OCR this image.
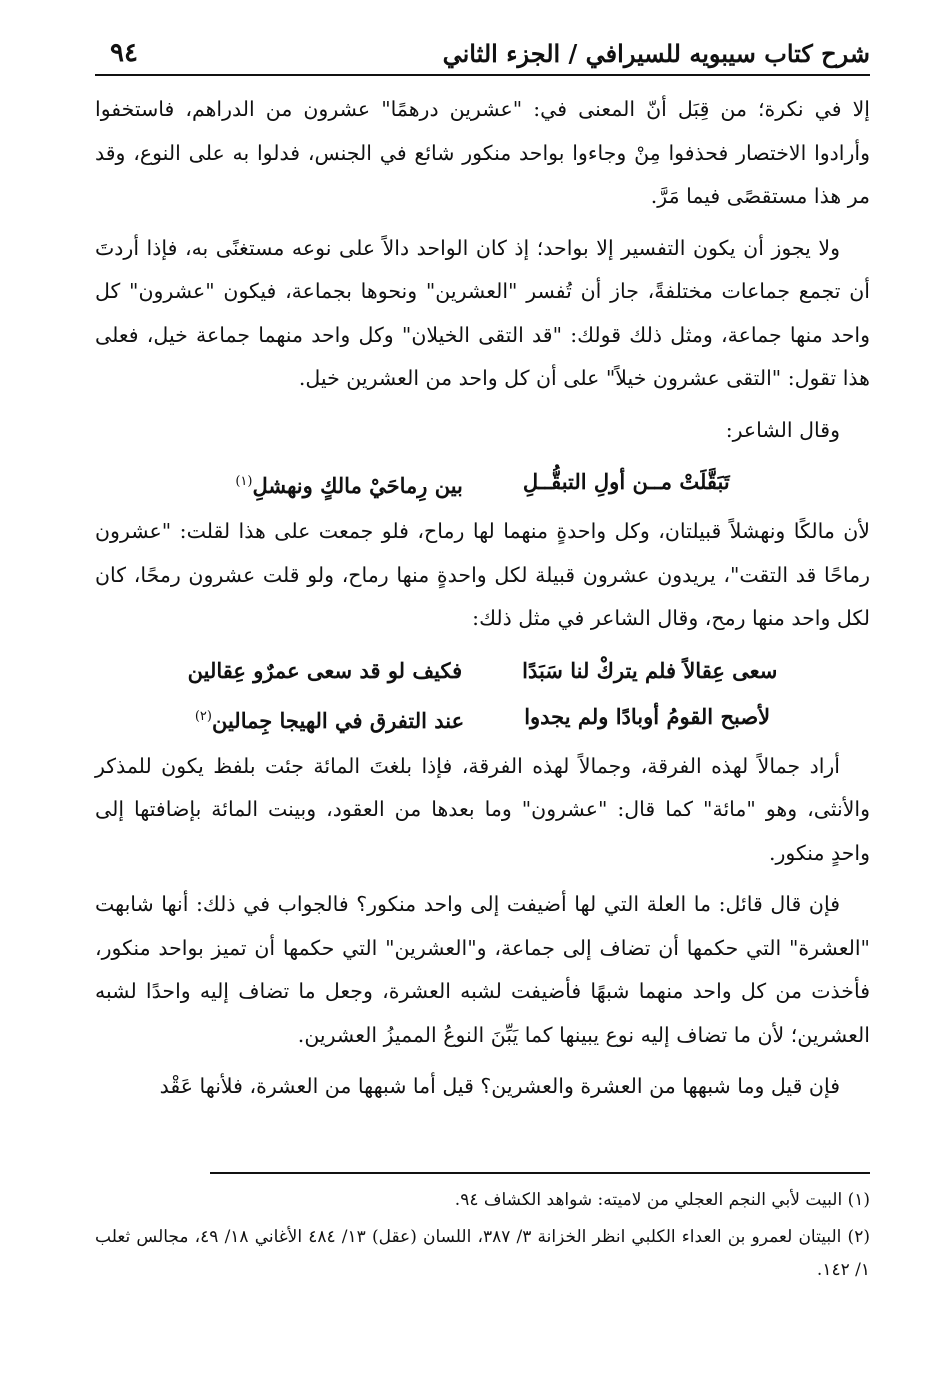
شرح كتاب سيبويه للسيرافي / الجزء الثاني
٩٤

إلا في نكرة؛ من قِبَل أنّ المعنى في: "عشرين درهمًا" عشرون من الدراهم، فاستخفوا وأرادوا الاختصار فحذفوا مِنْ وجاءوا بواحد منكور شائع في الجنس، فدلوا به على النوع، وقد مر هذا مستقصًى فيما مَرَّ.

ولا يجوز أن يكون التفسير إلا بواحد؛ إذ كان الواحد دالاً على نوعه مستغنًى به، فإذا أردتَ أن تجمع جماعات مختلفةً، جاز أن تُفسر "العشرين" ونحوها بجماعة، فيكون "عشرون" كل واحد منها جماعة، ومثل ذلك قولك: "قد التقى الخيلان" وكل واحد منهما جماعة خيل، فعلى هذا تقول: "التقى عشرون خيلاً" على أن كل واحد من العشرين خيل.

وقال الشاعر:

تَبَقَّلَتْ مــن أولِ التبقُّــلِ
بين رِماحَيْ مالكٍ ونهشلِ$^{(١)}$

لأن مالكًا ونهشلاً قبيلتان، وكل واحدةٍ منهما لها رماح، فلو جمعت على هذا لقلت: "عشرون رماحًا قد التقت"، يريدون عشرون قبيلة لكل واحدةٍ منها رماح، ولو قلت عشرون رمحًا، كان لكل واحد منها رمح، وقال الشاعر في مثل ذلك:

سعى عِقالاً فلم يتركْ لنا سَبَدًا
فكيف لو قد سعى عمرٌو عِقالين
لأصبح القومُ أوبادًا ولم يجدوا
عند التفرق في الهيجا جِمالين$^{(٢)}$

أراد جمالاً لهذه الفرقة، وجمالاً لهذه الفرقة، فإذا بلغتَ المائة جئت بلفظ يكون للمذكر والأنثى، وهو "مائة" كما قال: "عشرون" وما بعدها من العقود، وبينت المائة بإضافتها إلى واحدٍ منكور.

فإن قال قائل: ما العلة التي لها أضيفت إلى واحد منكور؟ فالجواب في ذلك: أنها شابهت "العشرة" التي حكمها أن تضاف إلى جماعة، و"العشرين" التي حكمها أن تميز بواحد منكور، فأخذت من كل واحد منهما شبهًا فأضيفت لشبه العشرة، وجعل ما تضاف إليه واحدًا لشبه العشرين؛ لأن ما تضاف إليه نوع يبينها كما يَبِّنَ النوعُ المميزُ العشرين.

فإن قيل وما شبهها من العشرة والعشرين؟ قيل أما شبهها من العشرة، فلأنها عَقْد

(١) البيت لأبي النجم العجلي من لاميته: شواهد الكشاف ٩٤.

(٢) البيتان لعمرو بن العداء الكلبي انظر الخزانة ٣/ ٣٨٧، اللسان (عقل) ١٣/ ٤٨٤ الأغاني ١٨/ ٤٩، مجالس ثعلب ١/ ١٤٢.
